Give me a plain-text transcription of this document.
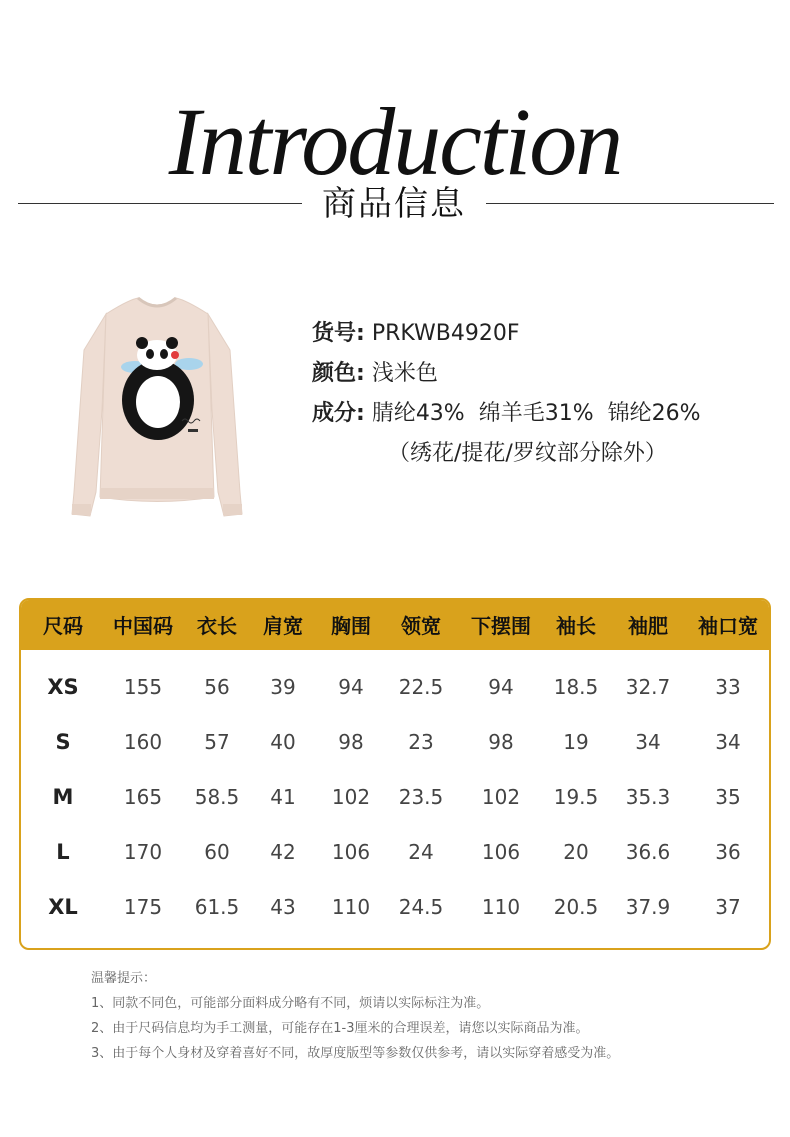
Introduction
商品信息
货号: PRKWB4920F
颜色: 浅米色
成分: 腈纶43%  绵羊毛31%  锦纶26%
（绣花/提花/罗纹部分除外）
尺码 中国码 衣长 肩宽 胸围 领宽 下摆围 袖长 袖肥 袖口宽
XS 155 56 39 94 22.5 94 18.5 32.7 33
S	160 57 40 98 23	98 19 34	34
M	165 58.5 41 102 23.5 102 19.5 35.3 35
L	170 60 42 106 24 106 20 36.6 36
XL 175 61.5 43 110 24.5 110 20.5 37.9 37
温馨提示：
1、同款不同色，可能部分面料成分略有不同，烦请以实际标注为准。
2、由于尺码信息均为手工测量，可能存在1-3厘米的合理误差，请您以实际商品为准。
3、由于每个人身材及穿着喜好不同，故厚度版型等参数仅供参考，请以实际穿着感受为准。
